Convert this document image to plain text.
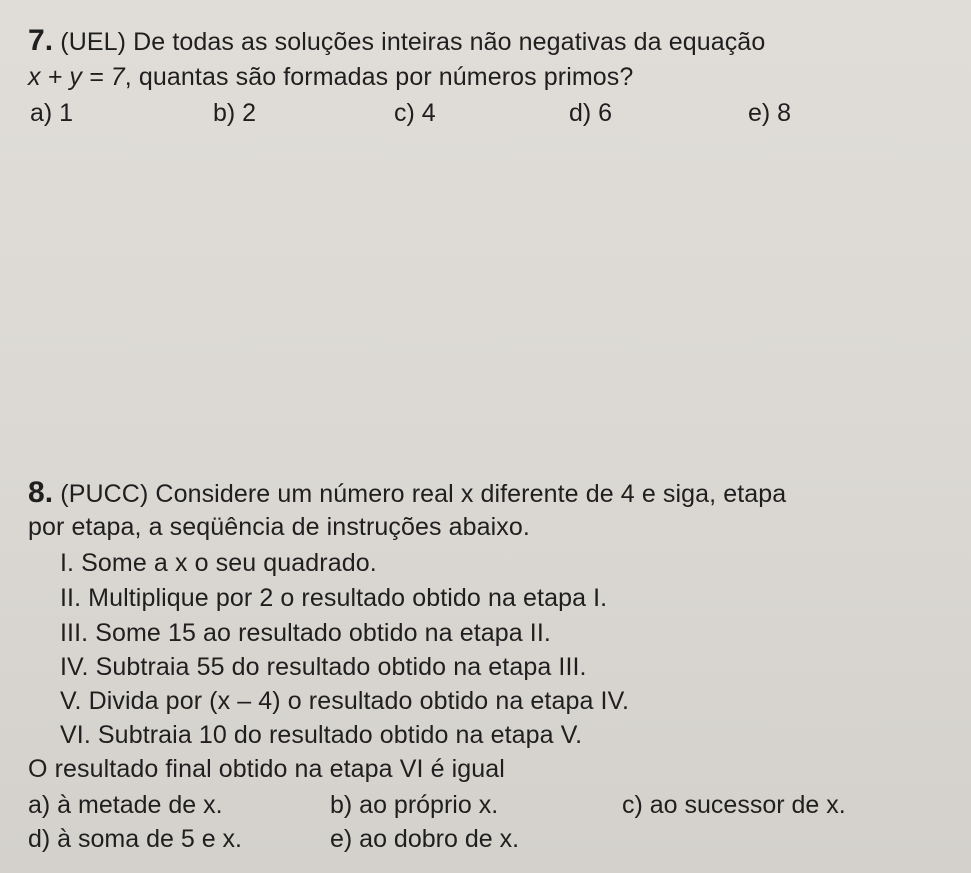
7. (UEL) De todas as soluções inteiras não negativas da equação
x + y = 7, quantas são formadas por números primos?
a) 1	b) 2	c) 4	d) 6	e) 8
8. (PUCC) Considere um número real x diferente de 4 e siga, etapa
por etapa, a seqüência de instruções abaixo.
I. Some a x o seu quadrado.
II. Multiplique por 2 o resultado obtido na etapa I.
III. Some 15 ao resultado obtido na etapa II.
IV. Subtraia 55 do resultado obtido na etapa III.
V. Divida por (x – 4) o resultado obtido na etapa IV.
VI. Subtraia 10 do resultado obtido na etapa V.
O resultado final obtido na etapa VI é igual
a) à metade de x.	b) ao próprio x.	c) ao sucessor de x.
d) à soma de 5 e x.	e) ao dobro de x.
